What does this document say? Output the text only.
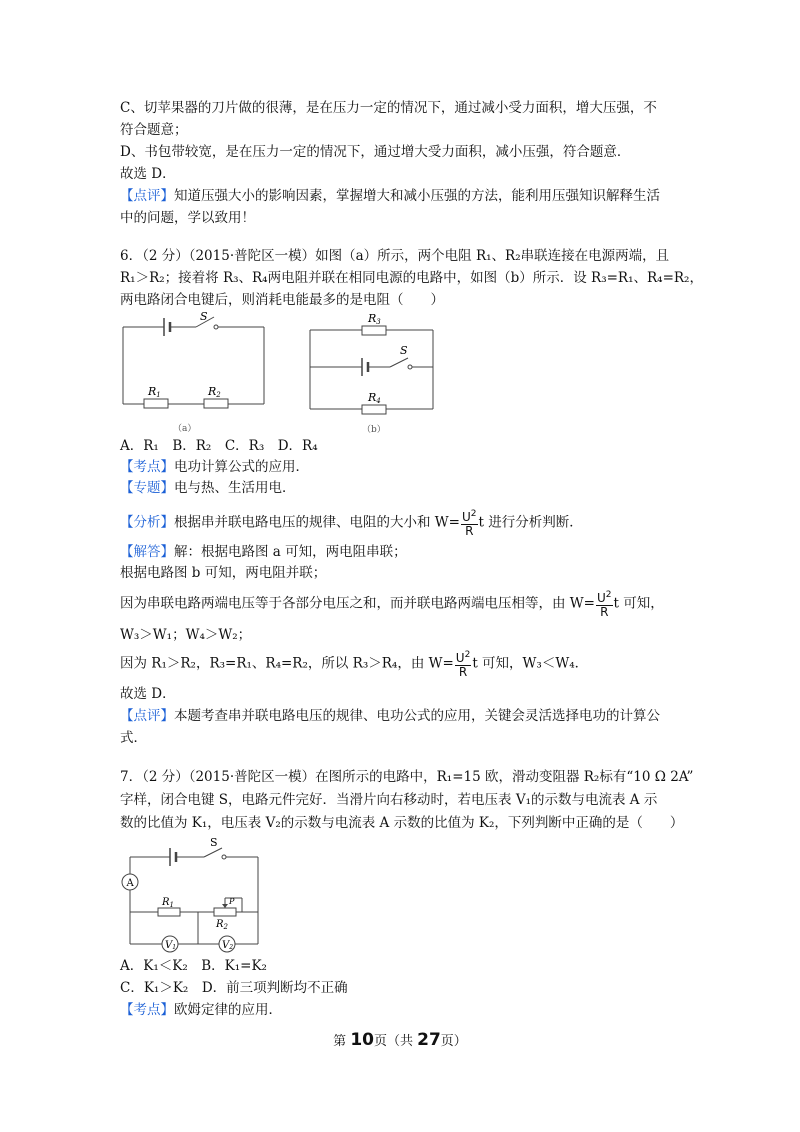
C、切苹果器的刀片做的很薄，是在压力一定的情况下，通过减小受力面积，增大压强，不
符合题意；
D、书包带较宽，是在压力一定的情况下，通过增大受力面积，减小压强，符合题意．
故选 D．
【点评】知道压强大小的影响因素，掌握增大和减小压强的方法，能利用压强知识解释生活
中的问题，学以致用！
6．（2 分）（2015·普陀区一模）如图（a）所示，两个电阻 R₁、R₂串联连接在电源两端，且
R₁＞R₂；接着将 R₃、R₄两电阻并联在相同电源的电路中，如图（b）所示．设 R₃=R₁、R₄=R₂，
两电路闭合电键后，则消耗电能最多的是电阻（　　）
S
R1	R2
（a）
R3
S
R4
（b）
A．R₁　B．R₂　C．R₃　D．R₄
【考点】电功计算公式的应用．
【专题】电与热、生活用电．
【分析】根据串并联电路电压的规律、电阻的大小和 $W= \frac{U^2}{R}$ t 进行分析判断．
【解答】解：根据电路图 a 可知，两电阻串联；
根据电路图 b 可知，两电阻并联；
因为串联电路两端电压等于各部分电压之和，而并联电路两端电压相等，由 $W= \frac{U^2}{R}$ t 可知，
W₃＞W₁；W₄＞W₂；
因为 R₁＞R₂，R₃=R₁、R₄=R₂，所以 R₃＞R₄，由 $W= \frac{U^2}{R}$ t 可知，W₃＜W₄．
故选 D．
【点评】本题考查串并联电路电压的规律、电功公式的应用，关键会灵活选择电功的计算公
式．
7．（2 分）（2015·普陀区一模）在图所示的电路中，R₁=15 欧，滑动变阻器 R₂标有“10 Ω 2A”
字样，闭合电键 S，电路元件完好．当滑片向右移动时，若电压表 V₁的示数与电流表 A 示
数的比值为 K₁，电压表 V₂的示数与电流表 A 示数的比值为 K₂，下列判断中正确的是（　　）
S
A
$R_1$	P
$R_2$
V1	V2
A．K₁＜K₂　B．K₁=K₂
C．K₁＞K₂　D．前三项判断均不正确
【考点】欧姆定律的应用．
第 10页（共 27页）
